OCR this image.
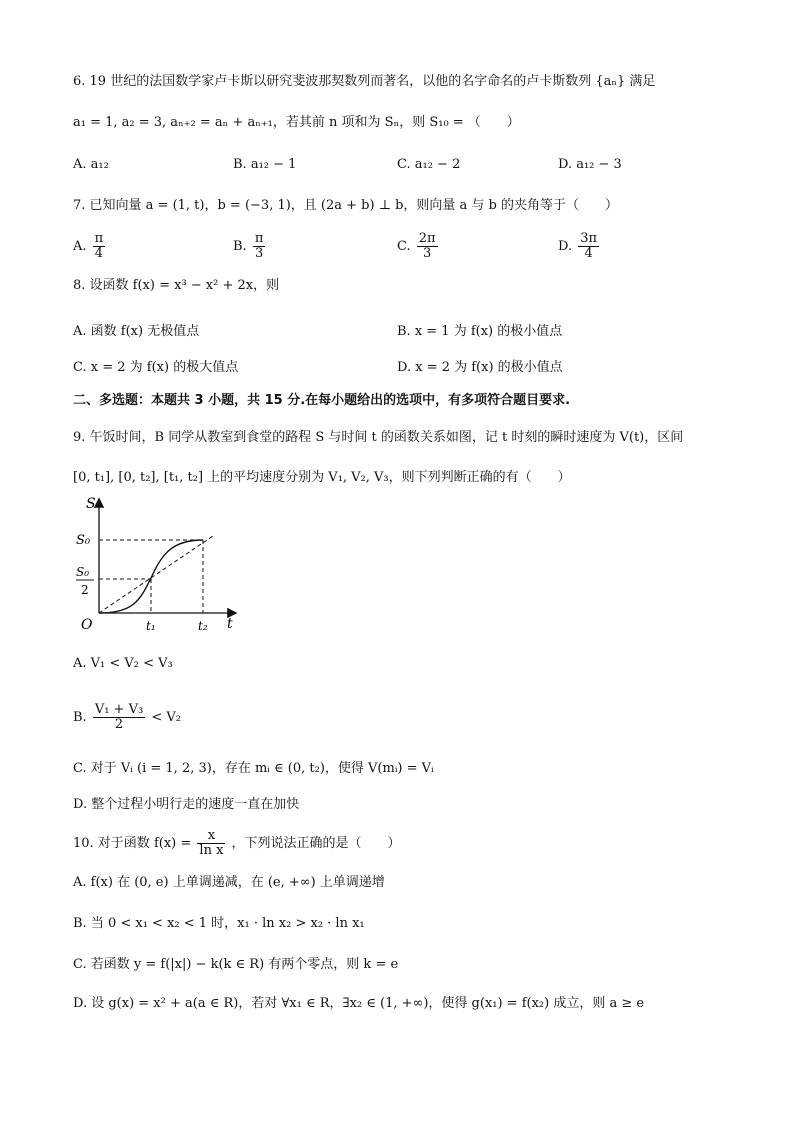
6. 19 世纪的法国数学家卢卡斯以研究斐波那契数列而著名，以他的名字命名的卢卡斯数列 {aₙ} 满足
a₁ = 1, a₂ = 3, aₙ₊₂ = aₙ + aₙ₊₁，若其前 n 项和为 Sₙ，则 S₁₀ = （　　）
A. a₁₂	B. a₁₂ − 1	C. a₁₂ − 2	D. a₁₂ − 3
7. 已知向量 a = (1, t)，b = (−3, 1)，且 (2a + b) ⊥ b，则向量 a 与 b 的夹角等于（　　）
A. $\frac{\pi}{4}$	B. $\frac{\pi}{3}$	C. $\frac{2\pi}{3}$	D. $\frac{3\pi}{4}$
8. 设函数 f(x) = x³ − x² + 2x，则
A. 函数 f(x) 无极值点	B. x = 1 为 f(x) 的极小值点
C. x = 2 为 f(x) 的极大值点	D. x = 2 为 f(x) 的极小值点
二、多选题：本题共 3 小题，共 15 分.在每小题给出的选项中，有多项符合题目要求.
9. 午饭时间，B 同学从教室到食堂的路程 S 与时间 t 的函数关系如图，记 t 时刻的瞬时速度为 V(t)，区间
[0, t₁], [0, t₂], [t₁, t₂] 上的平均速度分别为 V₁, V₂, V₃，则下列判断正确的有（　　）
S
S₀
S₀
2
O	t₁	t₂ t
A. V₁ < V₂ < V₃
B. $\frac{\text{V₁ + V₃}}{2} < V_2$
C. 对于 Vᵢ (i = 1, 2, 3)，存在 mᵢ ∈ (0, t₂)，使得 V(mᵢ) = Vᵢ
D. 整个过程小明行走的速度一直在加快
10. 对于函数 $f(x) = \frac{x}{\text{ln x}}$ ，下列说法正确的是（　　）
A. f(x) 在 (0, e) 上单调递减，在 (e, +∞) 上单调递增
B. 当 0 < x₁ < x₂ < 1 时，x₁ · ln x₂ > x₂ · ln x₁
C. 若函数 y = f(|x|) − k(k ∈ R) 有两个零点，则 k = e
D. 设 g(x) = x² + a(a ∈ R)，若对 ∀x₁ ∈ R，∃x₂ ∈ (1, +∞)，使得 g(x₁) = f(x₂) 成立，则 a ≥ e
